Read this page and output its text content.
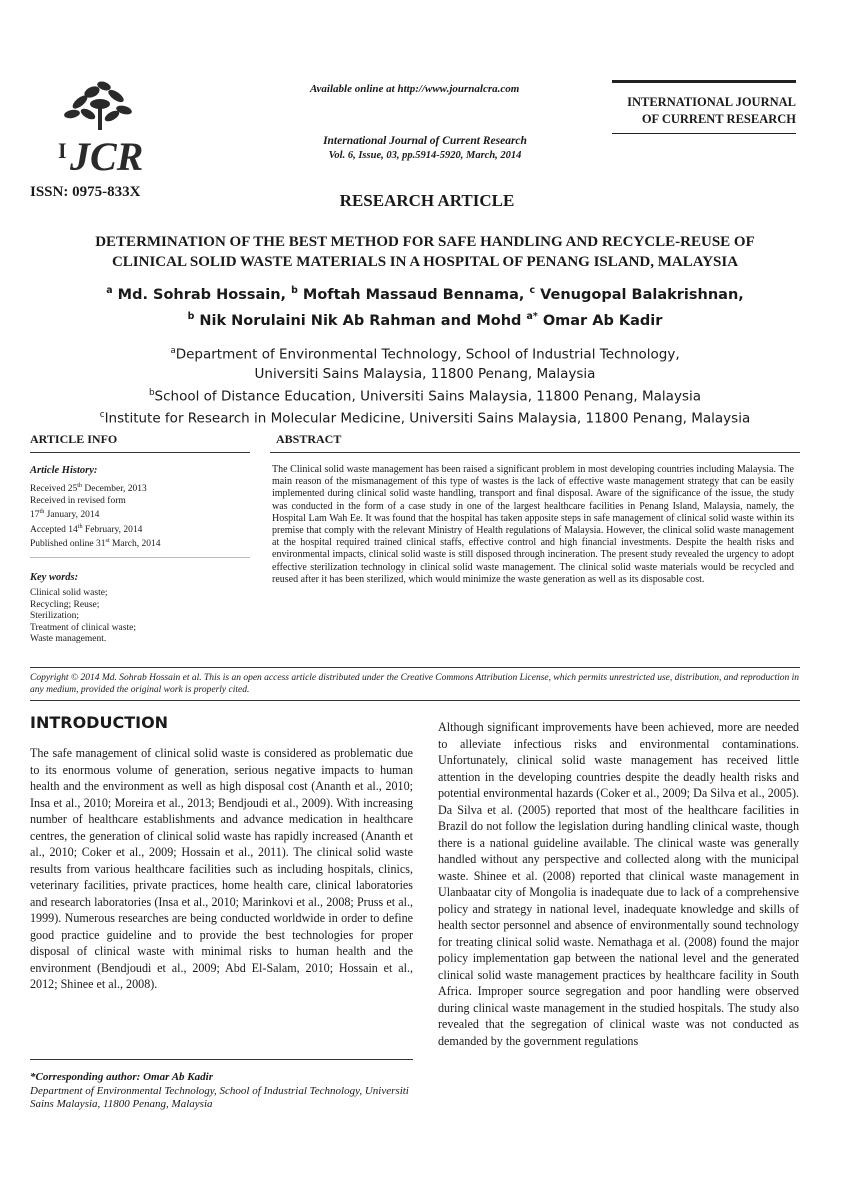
JCR
I
ISSN: 0975-833X
Available online at http://www.journalcra.com
International Journal of Current Research
Vol. 6, Issue, 03, pp.5914-5920, March, 2014
INTERNATIONAL JOURNAL
OF CURRENT RESEARCH
RESEARCH ARTICLE
DETERMINATION OF THE BEST METHOD FOR SAFE HANDLING AND RECYCLE-REUSE OF
CLINICAL SOLID WASTE MATERIALS IN A HOSPITAL OF PENANG ISLAND, MALAYSIA
$^a$ Md. Sohrab Hossain, $^b$ Moftah Massaud Bennama, $^c$ Venugopal Balakrishnan,
$^b$ Nik Norulaini Nik Ab Rahman and Mohd $^{a*}$ Omar Ab Kadir
$^a$Department of Environmental Technology, School of Industrial Technology,
Universiti Sains Malaysia, 11800 Penang, Malaysia
$^b$School of Distance Education, Universiti Sains Malaysia, 11800 Penang, Malaysia
$^c$Institute for Research in Molecular Medicine, Universiti Sains Malaysia, 11800 Penang, Malaysia
ARTICLE INFO	ABSTRACT
Article History:
Received 25th December, 2013
Received in revised form
17th January, 2014
Accepted 14th February, 2014
Published online 31st March, 2014
Key words:
Clinical solid waste;
Recycling; Reuse;
Sterilization;
Treatment of clinical waste;
Waste management.
The Clinical solid waste management has been raised a significant problem in most developing countries including Malaysia. The main reason of the mismanagement of this type of wastes is the lack of effective waste management strategy that can be easily implemented during clinical solid waste handling, transport and final disposal. Aware of the significance of the issue, the study was conducted in the form of a case study in one of the largest healthcare facilities in Penang Island, Malaysia, namely, the Hospital Lam Wah Ee. It was found that the hospital has taken apposite steps in safe management of clinical solid waste within its premise that comply with the relevant Ministry of Health regulations of Malaysia. However, the clinical solid waste management at the hospital required trained clinical staffs, effective control and high financial investments. Despite the health risks and environmental impacts, clinical solid waste is still disposed through incineration. The present study revealed the urgency to adopt effective sterilization technology in clinical solid waste management. The clinical solid waste materials would be recycled and reused after it has been sterilized, which would minimize the waste generation as well as its disposable cost.
Copyright © 2014 Md. Sohrab Hossain et al. This is an open access article distributed under the Creative Commons Attribution License, which permits unrestricted use, distribution, and reproduction in any medium, provided the original work is properly cited.
INTRODUCTION
The safe management of clinical solid waste is considered as problematic due to its enormous volume of generation, serious negative impacts to human health and the environment as well as high disposal cost (Ananth et al., 2010; Insa et al., 2010; Moreira et al., 2013; Bendjoudi et al., 2009). With increasing number of healthcare establishments and advance medication in healthcare centres, the generation of clinical solid waste has rapidly increased (Ananth et al., 2010; Coker et al., 2009; Hossain et al., 2011). The clinical solid waste results from various healthcare facilities such as including hospitals, clinics, veterinary facilities, private practices, home health care, clinical laboratories and research laboratories (Insa et al., 2010; Marinkovi et al., 2008; Pruss et al., 1999). Numerous researches are being conducted worldwide in order to define good practice guideline and to provide the best technologies for proper disposal of clinical waste with minimal risks to human health and the environment (Bendjoudi et al., 2009; Abd El-Salam, 2010; Hossain et al., 2012; Shinee et al., 2008).
Although significant improvements have been achieved, more are needed to alleviate infectious risks and environmental contaminations. Unfortunately, clinical solid waste management has received little attention in the developing countries despite the deadly health risks and potential environmental hazards (Coker et al., 2009; Da Silva et al., 2005). Da Silva et al. (2005) reported that most of the healthcare facilities in Brazil do not follow the legislation during handling clinical waste, though there is a national guideline available. The clinical waste was generally handled without any perspective and collected along with the municipal waste. Shinee et al. (2008) reported that clinical waste management in Ulanbaatar city of Mongolia is inadequate due to lack of a comprehensive policy and strategy in national level, inadequate knowledge and skills of health sector personnel and absence of environmentally sound technology for treating clinical solid waste. Nemathaga et al. (2008) found the major policy implementation gap between the national level and the generated clinical solid waste management practices by healthcare facility in South Africa. Improper source segregation and poor handling were observed during clinical waste management in the studied hospitals. The study also revealed that the segregation of clinical waste was not conducted as demanded by the government regulations
*Corresponding author: Omar Ab Kadir
Department of Environmental Technology, School of Industrial Technology, Universiti Sains Malaysia, 11800 Penang, Malaysia
